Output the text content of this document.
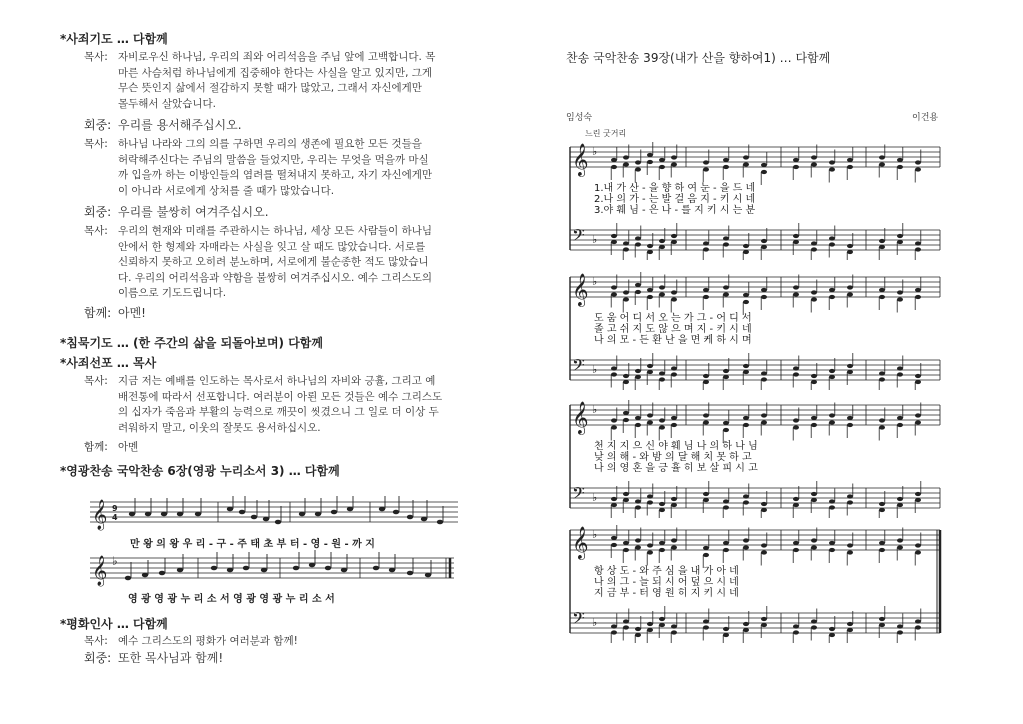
*사죄기도 … 다함께
목사: 자비로우신 하나님, 우리의 죄와 어리석음을 주님 앞에 고백합니다. 목
마른 사슴처럼 하나님에게 집중해야 한다는 사실을 알고 있지만, 그게
무슨 뜻인지 삶에서 절감하지 못할 때가 많았고, 그래서 자신에게만
몰두해서 살았습니다.
회중: 우리를 용서해주십시오.
목사: 하나님 나라와 그의 의를 구하면 우리의 생존에 필요한 모든 것들을
허락해주신다는 주님의 말씀을 들었지만, 우리는 무엇을 먹을까 마실
까 입을까 하는 이방인들의 염려를 떨쳐내지 못하고, 자기 자신에게만
이 아니라 서로에게 상처를 줄 때가 많았습니다.
회중: 우리를 불쌍히 여겨주십시오.
목사: 우리의 현재와 미래를 주관하시는 하나님, 세상 모든 사람들이 하나님
안에서 한 형제와 자매라는 사실을 잊고 살 때도 많았습니다. 서로를
신뢰하지 못하고 오히려 분노하며, 서로에게 불순종한 적도 많았습니
다. 우리의 어리석음과 약함을 불쌍히 여겨주십시오. 예수 그리스도의
이름으로 기도드립니다.
함께: 아멘!
*침묵기도 … (한 주간의 삶을 되돌아보며) 다함께
*사죄선포 … 목사
목사: 지금 저는 예배를 인도하는 목사로서 하나님의 자비와 긍휼, 그리고 예
배전통에 따라서 선포합니다. 여러분이 아뢴 모든 것들은 예수 그리스도
의 십자가 죽음과 부활의 능력으로 깨끗이 씻겼으니 그 일로 더 이상 두
려워하지 말고, 이웃의 잘못도 용서하십시오.
함께: 아멘
*영광찬송 국악찬송 6장(영광 누리소서 3) … 다함께
𝄞 9
4
만 왕 의 왕 우 리 - 구 - 주 태 초 부 터 - 영 - 원 - 까 지
𝄞 ♭
영 광 영 광 누 리 소 서 영 광 영 광 누 리 소 서
*평화인사 … 다함께
목사: 예수 그리스도의 평화가 여러분과 함께!
회중: 또한 목사님과 함께!
찬송 국악찬송 39장(내가 산을 향하여1) … 다함께
임성숙	이건용
느린 굿거리
𝄞
𝄢
♭
♭
1.내 가 산 - 을 향 하 여 눈 - 을 드 네
2.나 의 가 - 는 발 걸 음 지 - 키 시 네
3.야 훼 님 - 은 나 - 를 지 키 시 는 분
𝄞
𝄢
♭
♭
도 움 어 디 서 오 는 가 그 - 어 디 서
졸 고 쉬 지 도 않 으 며 지 - 키 시 네
나 의 모 - 든 환 난 을 면 케 하 시 며
𝄞
𝄢
♭
♭
천 지 지 으 신 야 훼 님 나 의 하 나 님
낮 의 해 - 와 밤 의 달 해 치 못 하 고
나 의 영 혼 을 긍 휼 히 보 살 피 시 고
𝄞
𝄢
♭
♭
항 상 도 - 와 주 심 을 내 가 아 네
나 의 그 - 늘 되 시 어 덮 으 시 네
지 금 부 - 터 영 원 히 지 키 시 네
